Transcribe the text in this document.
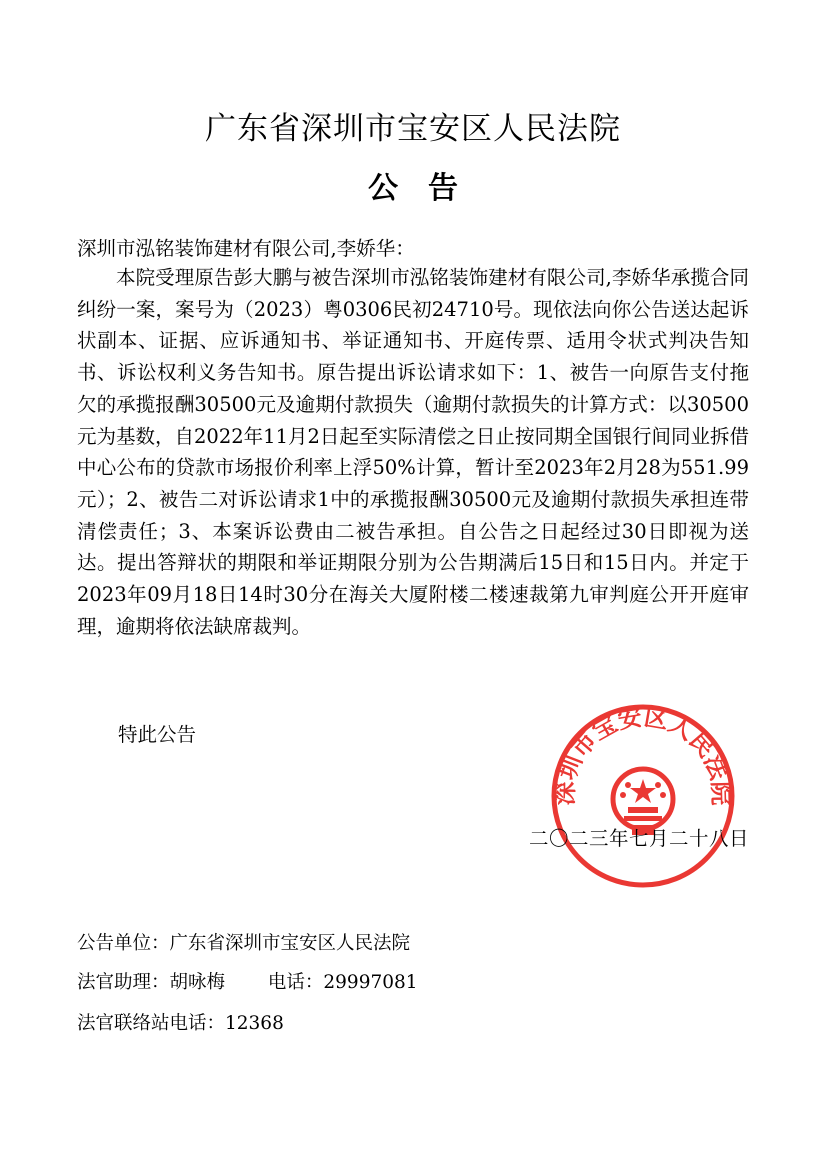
广东省深圳市宝安区人民法院
公　告
深圳市泓铭装饰建材有限公司,李娇华：
本院受理原告彭大鹏与被告深圳市泓铭装饰建材有限公司,李娇华承揽合同纠纷一案，案号为（2023）粤0306民初24710号。现依法向你公告送达起诉状副本、证据、应诉通知书、举证通知书、开庭传票、适用令状式判决告知书、诉讼权利义务告知书。原告提出诉讼请求如下：1、被告一向原告支付拖欠的承揽报酬30500元及逾期付款损失（逾期付款损失的计算方式：以30500元为基数，自2022年11月2日起至实际清偿之日止按同期全国银行间同业拆借中心公布的贷款市场报价利率上浮50%计算，暂计至2023年2月28为551.99元）；2、被告二对诉讼请求1中的承揽报酬30500元及逾期付款损失承担连带清偿责任；3、本案诉讼费由二被告承担。自公告之日起经过30日即视为送达。提出答辩状的期限和举证期限分别为公告期满后15日和15日内。并定于2023年09月18日14时30分在海关大厦附楼二楼速裁第九审判庭公开开庭审理，逾期将依法缺席裁判。
特此公告
深圳市宝安区人民法院
二〇二三年七月二十八日
公告单位：广东省深圳市宝安区人民法院
法官助理：胡咏梅　　 电话：29997081
法官联络站电话：12368
